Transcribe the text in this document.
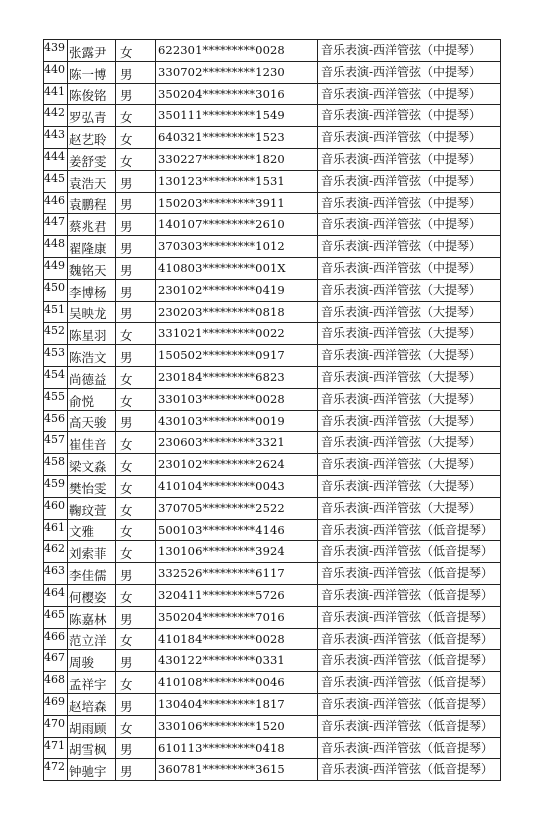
439	张露尹	女	622301*********0028	音乐表演-西洋管弦（中提琴）
440	陈一博	男	330702*********1230	音乐表演-西洋管弦（中提琴）
441	陈俊铭	男	350204*********3016	音乐表演-西洋管弦（中提琴）
442	罗弘青	女	350111*********1549	音乐表演-西洋管弦（中提琴）
443	赵艺聆	女	640321*********1523	音乐表演-西洋管弦（中提琴）
444	姜舒雯	女	330227*********1820	音乐表演-西洋管弦（中提琴）
445	袁浩天	男	130123*********1531	音乐表演-西洋管弦（中提琴）
446	袁鹏程	男	150203*********3911	音乐表演-西洋管弦（中提琴）
447	蔡兆君	男	140107*********2610	音乐表演-西洋管弦（中提琴）
448	翟隆康	男	370303*********1012	音乐表演-西洋管弦（中提琴）
449	魏铭天	男	410803*********001X	音乐表演-西洋管弦（中提琴）
450	李博杨	男	230102*********0419	音乐表演-西洋管弦（大提琴）
451	吴映龙	男	230203*********0818	音乐表演-西洋管弦（大提琴）
452	陈星羽	女	331021*********0022	音乐表演-西洋管弦（大提琴）
453	陈浩文	男	150502*********0917	音乐表演-西洋管弦（大提琴）
454	尚德益	女	230184*********6823	音乐表演-西洋管弦（大提琴）
455	俞悦	女	330103*********0028	音乐表演-西洋管弦（大提琴）
456	高天骏	男	430103*********0019	音乐表演-西洋管弦（大提琴）
457	崔佳音	女	230603*********3321	音乐表演-西洋管弦（大提琴）
458	梁文淼	女	230102*********2624	音乐表演-西洋管弦（大提琴）
459	樊怡雯	女	410104*********0043	音乐表演-西洋管弦（大提琴）
460	鞠玟萱	女	370705*********2522	音乐表演-西洋管弦（大提琴）
461	文雅	女	500103*********4146	音乐表演-西洋管弦（低音提琴）
462	刘索菲	女	130106*********3924	音乐表演-西洋管弦（低音提琴）
463	李佳儒	男	332526*********6117	音乐表演-西洋管弦（低音提琴）
464	何樱姿	女	320411*********5726	音乐表演-西洋管弦（低音提琴）
465	陈嘉林	男	350204*********7016	音乐表演-西洋管弦（低音提琴）
466	范立洋	女	410184*********0028	音乐表演-西洋管弦（低音提琴）
467	周骏	男	430122*********0331	音乐表演-西洋管弦（低音提琴）
468	孟祥宇	女	410108*********0046	音乐表演-西洋管弦（低音提琴）
469	赵培森	男	130404*********1817	音乐表演-西洋管弦（低音提琴）
470	胡雨顾	女	330106*********1520	音乐表演-西洋管弦（低音提琴）
471	胡雪枫	男	610113*********0418	音乐表演-西洋管弦（低音提琴）
472	钟驰宇	男	360781*********3615	音乐表演-西洋管弦（低音提琴）
